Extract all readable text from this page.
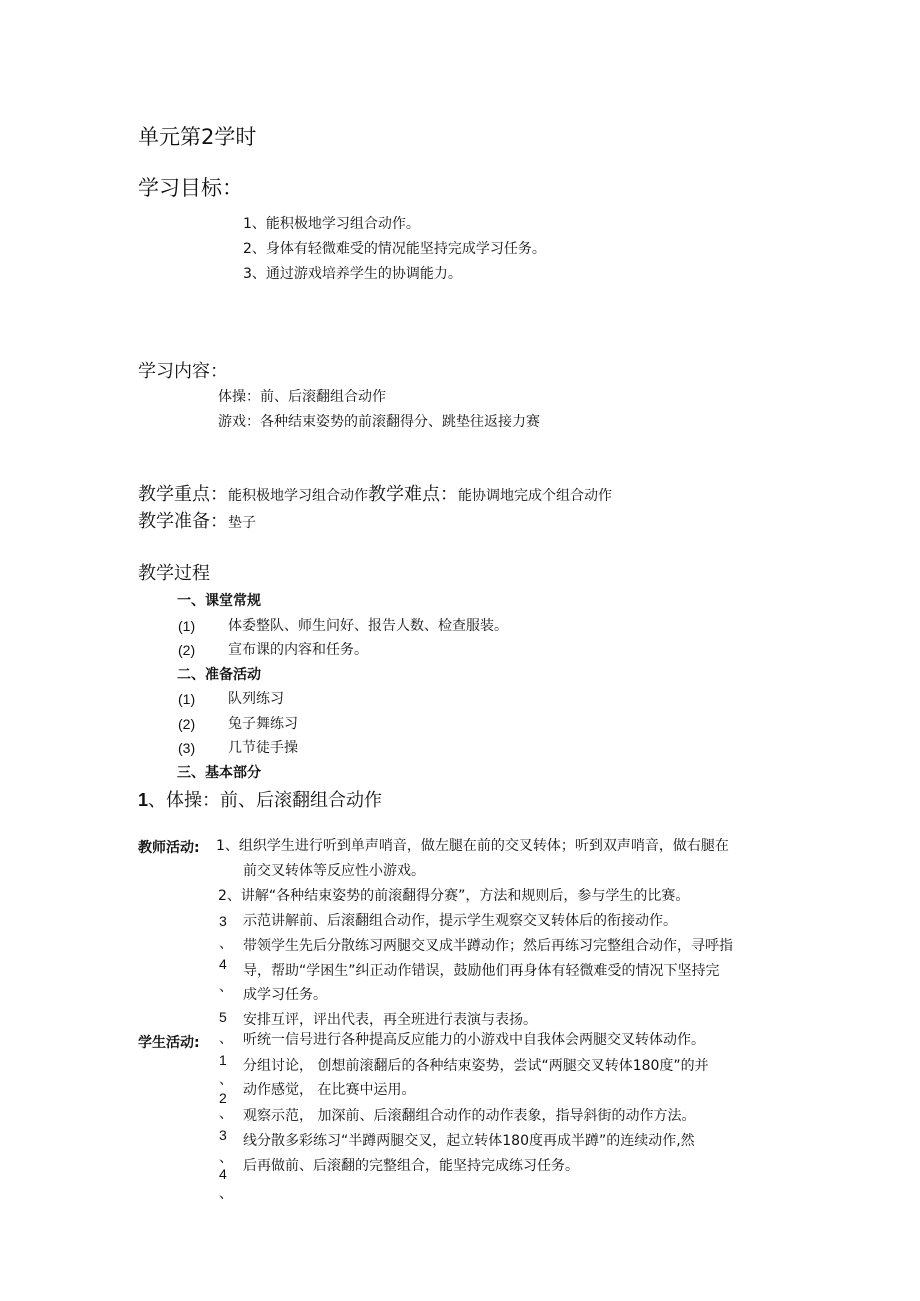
单元第2学时
学习目标：
1、能积极地学习组合动作。
2、身体有轻微难受的情况能坚持完成学习任务。
3、通过游戏培养学生的协调能力。
学习内容：
体操：前、后滚翻组合动作
游戏：各种结束姿势的前滚翻得分、跳垫往返接力赛
教学重点：能积极地学习组合动作教学难点：能协调地完成个组合动作
教学准备：垫子
教学过程
一、课堂常规
(1) 体委整队、师生问好、报告人数、检查服装。
(2) 宣布课的内容和任务。
二、准备活动
(1) 队列练习
(2) 兔子舞练习
(3) 几节徒手操
三、基本部分
1、体操：前、后滚翻组合动作
教师活动: 1、组织学生进行听到单声哨音，做左腿在前的交叉转体；听到双声哨音，做右腿在
前交叉转体等反应性小游戏。
2、讲解“各种结束姿势的前滚翻得分赛”，方法和规则后，参与学生的比赛。
示范讲解前、后滚翻组合动作，提示学生观察交叉转体后的衔接动作。
带领学生先后分散练习两腿交叉成半蹲动作；然后再练习完整组合动作，寻呼指
导，帮助“学困生”纠正动作错误，鼓励他们再身体有轻微难受的情况下坚持完
成学习任务。
安排互评，评出代表，再全班进行表演与表扬。
3
、
4
、
5
、
学生活动:	听统一信号进行各种提高反应能力的小游戏中自我体会两腿交叉转体动作。
分组讨论， 创想前滚翻后的各种结束姿势，尝试“两腿交叉转体180度”的并
动作感觉， 在比赛中运用。
观察示范， 加深前、后滚翻组合动作的动作表象，指导斜街的动作方法。
线分散多彩练习“半蹲两腿交叉，起立转体180度再成半蹲”的连续动作,然
后再做前、后滚翻的完整组合，能坚持完成练习任务。
1
、
2
、
3
、
4
、
